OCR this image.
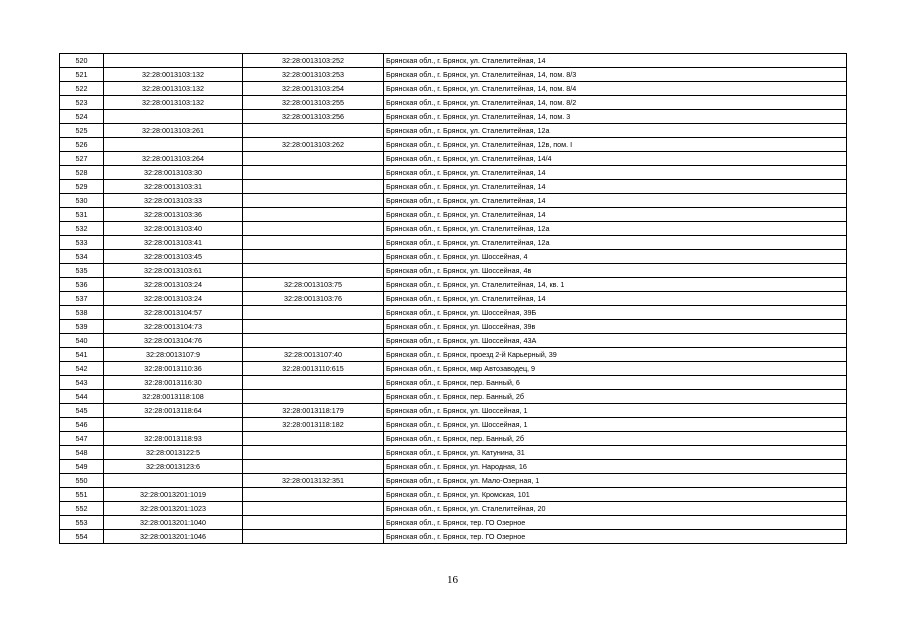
520		32:28:0013103:252	Брянская обл., г. Брянск, ул. Сталелитейная, 14
521	32:28:0013103:132	32:28:0013103:253	Брянская обл., г. Брянск, ул. Сталелитейная, 14, пом. 8/3
522	32:28:0013103:132	32:28:0013103:254	Брянская обл., г. Брянск, ул. Сталелитейная, 14, пом. 8/4
523	32:28:0013103:132	32:28:0013103:255	Брянская обл., г. Брянск, ул. Сталелитейная, 14, пом. 8/2
524		32:28:0013103:256	Брянская обл., г. Брянск, ул. Сталелитейная, 14, пом. 3
525	32:28:0013103:261		Брянская обл., г. Брянск, ул. Сталелитейная, 12а
526		32:28:0013103:262	Брянская обл., г. Брянск, ул. Сталелитейная, 12в, пом. I
527	32:28:0013103:264		Брянская обл., г. Брянск, ул. Сталелитейная, 14/4
528	32:28:0013103:30		Брянская обл., г. Брянск, ул. Сталелитейная, 14
529	32:28:0013103:31		Брянская обл., г. Брянск, ул. Сталелитейная, 14
530	32:28:0013103:33		Брянская обл., г. Брянск, ул. Сталелитейная, 14
531	32:28:0013103:36		Брянская обл., г. Брянск, ул. Сталелитейная, 14
532	32:28:0013103:40		Брянская обл., г. Брянск, ул. Сталелитейная, 12а
533	32:28:0013103:41		Брянская обл., г. Брянск, ул. Сталелитейная, 12а
534	32:28:0013103:45		Брянская обл., г. Брянск, ул. Шоссейная, 4
535	32:28:0013103:61		Брянская обл., г. Брянск, ул. Шоссейная, 4в
536	32:28:0013103:24	32:28:0013103:75	Брянская обл., г. Брянск, ул. Сталелитейная, 14, кв. 1
537	32:28:0013103:24	32:28:0013103:76	Брянская обл., г. Брянск, ул. Сталелитейная, 14
538	32:28:0013104:57		Брянская обл., г. Брянск, ул. Шоссейная, 39Б
539	32:28:0013104:73		Брянская обл., г. Брянск, ул. Шоссейная, 39в
540	32:28:0013104:76		Брянская обл., г. Брянск, ул. Шоссейная, 43А
541	32:28:0013107:9	32:28:0013107:40	Брянская обл., г. Брянск, проезд 2-й Карьерный, 39
542	32:28:0013110:36	32:28:0013110:615	Брянская обл., г. Брянск, мкр Автозаводец, 9
543	32:28:0013116:30		Брянская обл., г. Брянск, пер. Банный, 6
544	32:28:0013118:108		Брянская обл., г. Брянск, пер. Банный, 2б
545	32:28:0013118:64	32:28:0013118:179	Брянская обл., г. Брянск, ул. Шоссейная, 1
546		32:28:0013118:182	Брянская обл., г. Брянск, ул. Шоссейная, 1
547	32:28:0013118:93		Брянская обл., г. Брянск, пер. Банный, 2б
548	32:28:0013122:5		Брянская обл., г. Брянск, ул. Катунина, 31
549	32:28:0013123:6		Брянская обл., г. Брянск, ул. Народная, 16
550		32:28:0013132:351	Брянская обл., г. Брянск, ул. Мало-Озерная, 1
551	32:28:0013201:1019		Брянская обл., г. Брянск, ул. Кромская, 101
552	32:28:0013201:1023		Брянская обл., г. Брянск, ул. Сталелитейная, 20
553	32:28:0013201:1040		Брянская обл., г. Брянск, тер. ГО Озерное
554	32:28:0013201:1046		Брянская обл., г. Брянск, тер. ГО Озерное
16
